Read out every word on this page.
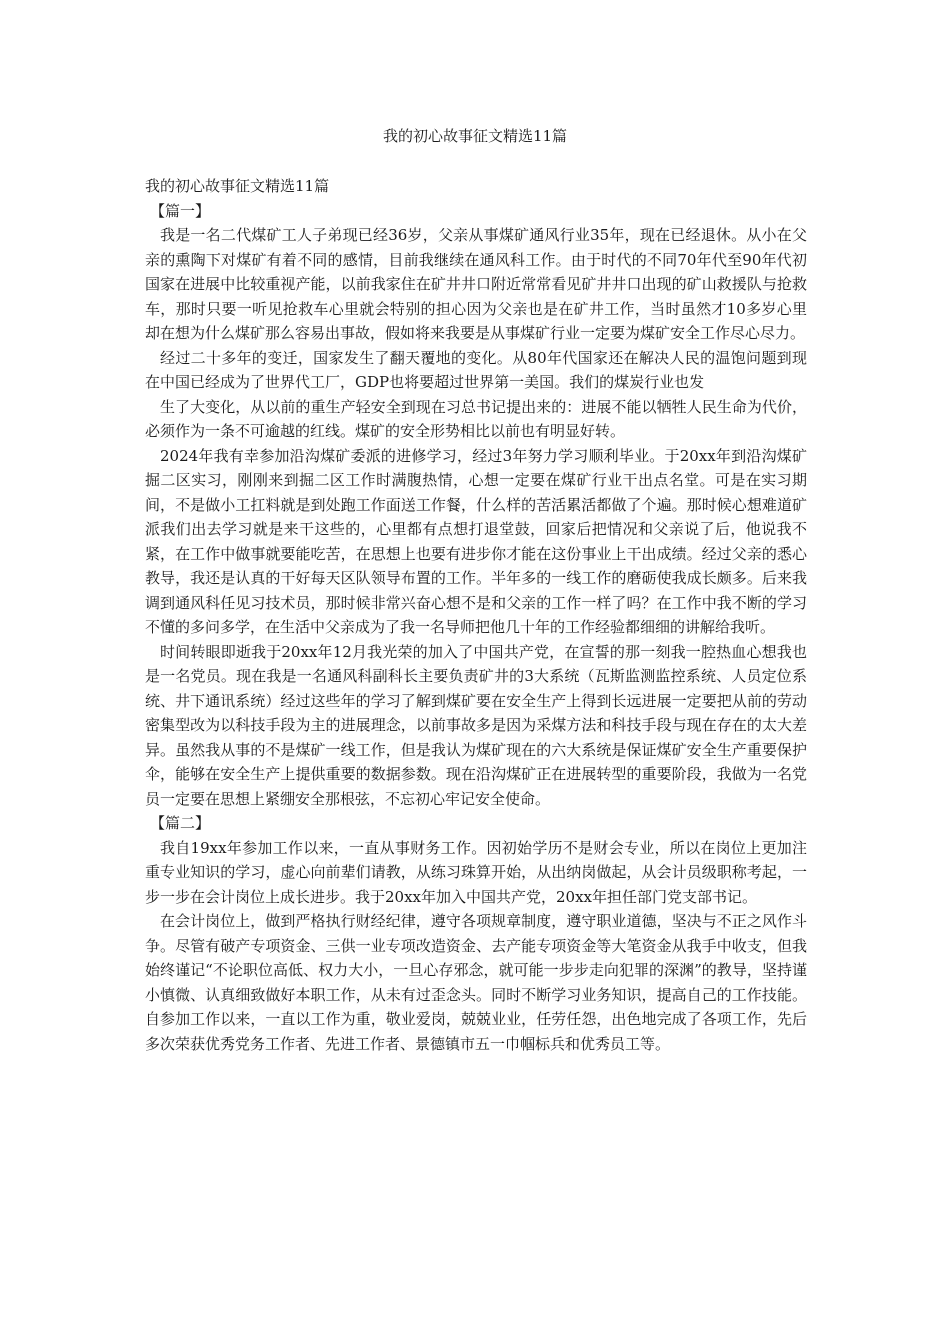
我的初心故事征文精选11篇

我的初心故事征文精选11篇

【篇一】

我是一名二代煤矿工人子弟现已经36岁，父亲从事煤矿通风行业35年，现在已经退休。从小在父亲的熏陶下对煤矿有着不同的感情，目前我继续在通风科工作。由于时代的不同70年代至90年代初国家在进展中比较重视产能，以前我家住在矿井井口附近常常看见矿井井口出现的矿山救援队与抢救车，那时只要一听见抢救车心里就会特别的担心因为父亲也是在矿井工作，当时虽然才10多岁心里却在想为什么煤矿那么容易出事故，假如将来我要是从事煤矿行业一定要为煤矿安全工作尽心尽力。

经过二十多年的变迁，国家发生了翻天覆地的变化。从80年代国家还在解决人民的温饱问题到现在中国已经成为了世界代工厂，GDP也将要超过世界第一美国。我们的煤炭行业也发

生了大变化，从以前的重生产轻安全到现在习总书记提出来的：进展不能以牺牲人民生命为代价，必须作为一条不可逾越的红线。煤矿的安全形势相比以前也有明显好转。

2024年我有幸参加沿沟煤矿委派的进修学习，经过3年努力学习顺利毕业。于20xx年到沿沟煤矿掘二区实习，刚刚来到掘二区工作时满腹热情，心想一定要在煤矿行业干出点名堂。可是在实习期间，不是做小工扛料就是到处跑工作面送工作餐，什么样的苦活累活都做了个遍。那时候心想难道矿派我们出去学习就是来干这些的，心里都有点想打退堂鼓，回家后把情况和父亲说了后，他说我不紧，在工作中做事就要能吃苦，在思想上也要有进步你才能在这份事业上干出成绩。经过父亲的悉心教导，我还是认真的干好每天区队领导布置的工作。半年多的一线工作的磨砺使我成长颇多。后来我调到通风科任见习技术员，那时候非常兴奋心想不是和父亲的工作一样了吗？在工作中我不断的学习不懂的多问多学，在生活中父亲成为了我一名导师把他几十年的工作经验都细细的讲解给我听。

时间转眼即逝我于20xx年12月我光荣的加入了中国共产党，在宣誓的那一刻我一腔热血心想我也是一名党员。现在我是一名通风科副科长主要负责矿井的3大系统（瓦斯监测监控系统、人员定位系统、井下通讯系统）经过这些年的学习了解到煤矿要在安全生产上得到长远进展一定要把从前的劳动密集型改为以科技手段为主的进展理念，以前事故多是因为采煤方法和科技手段与现在存在的太大差异。虽然我从事的不是煤矿一线工作，但是我认为煤矿现在的六大系统是保证煤矿安全生产重要保护伞，能够在安全生产上提供重要的数据参数。现在沿沟煤矿正在进展转型的重要阶段，我做为一名党员一定要在思想上紧绷安全那根弦，不忘初心牢记安全使命。

【篇二】

我自19xx年参加工作以来，一直从事财务工作。因初始学历不是财会专业，所以在岗位上更加注重专业知识的学习，虚心向前辈们请教，从练习珠算开始，从出纳岗做起，从会计员级职称考起，一步一步在会计岗位上成长进步。我于20xx年加入中国共产党，20xx年担任部门党支部书记。

在会计岗位上，做到严格执行财经纪律，遵守各项规章制度，遵守职业道德，坚决与不正之风作斗争。尽管有破产专项资金、三供一业专项改造资金、去产能专项资金等大笔资金从我手中收支，但我始终谨记“不论职位高低、权力大小，一旦心存邪念，就可能一步步走向犯罪的深渊”的教导，坚持谨小慎微、认真细致做好本职工作，从未有过歪念头。同时不断学习业务知识，提高自己的工作技能。自参加工作以来，一直以工作为重，敬业爱岗，兢兢业业，任劳任怨，出色地完成了各项工作，先后多次荣获优秀党务工作者、先进工作者、景德镇市五一巾帼标兵和优秀员工等。
